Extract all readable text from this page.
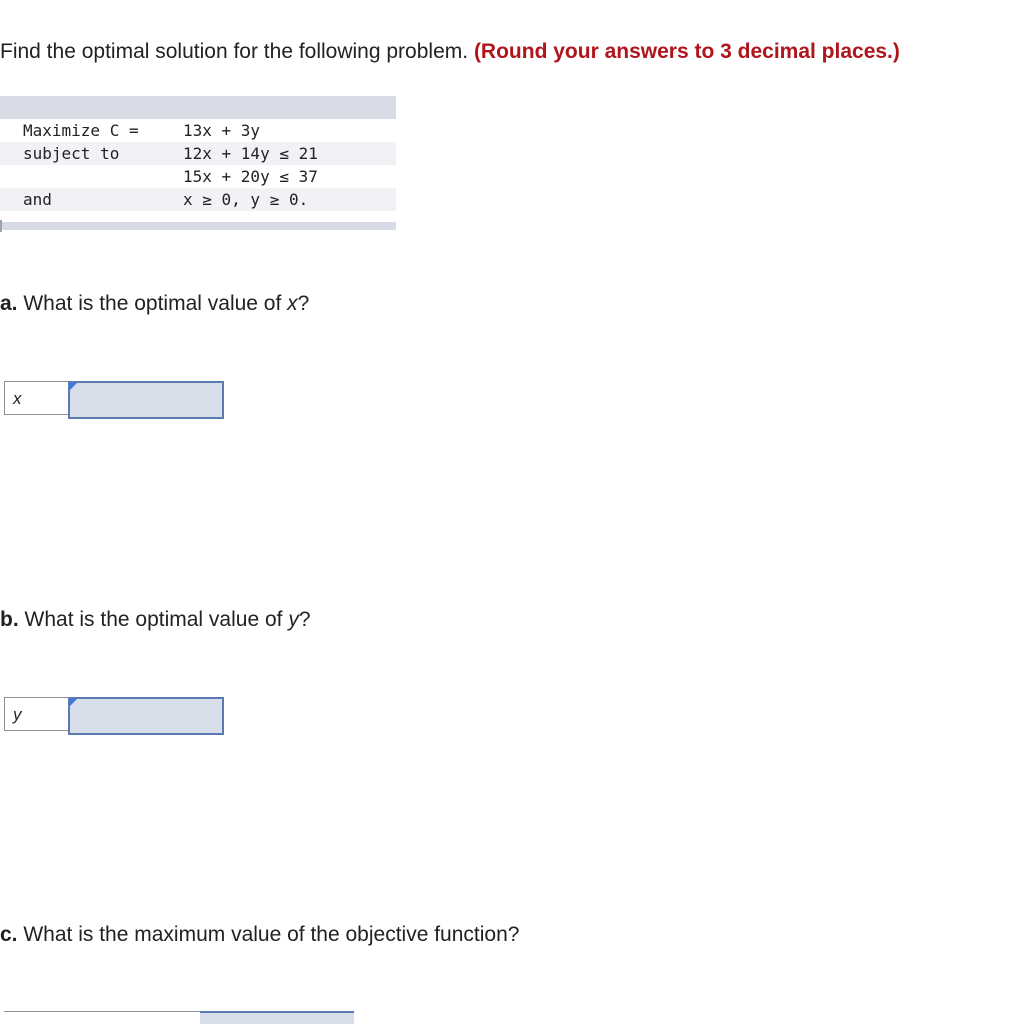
Find the optimal solution for the following problem. (Round your answers to 3 decimal places.)
Maximize C =	13x + 3y
subject to	12x + 14y ≤ 21
15x + 20y ≤ 37
and	x ≥ 0, y ≥ 0.
a. What is the optimal value of x?
x
b. What is the optimal value of y?
y
c. What is the maximum value of the objective function?
